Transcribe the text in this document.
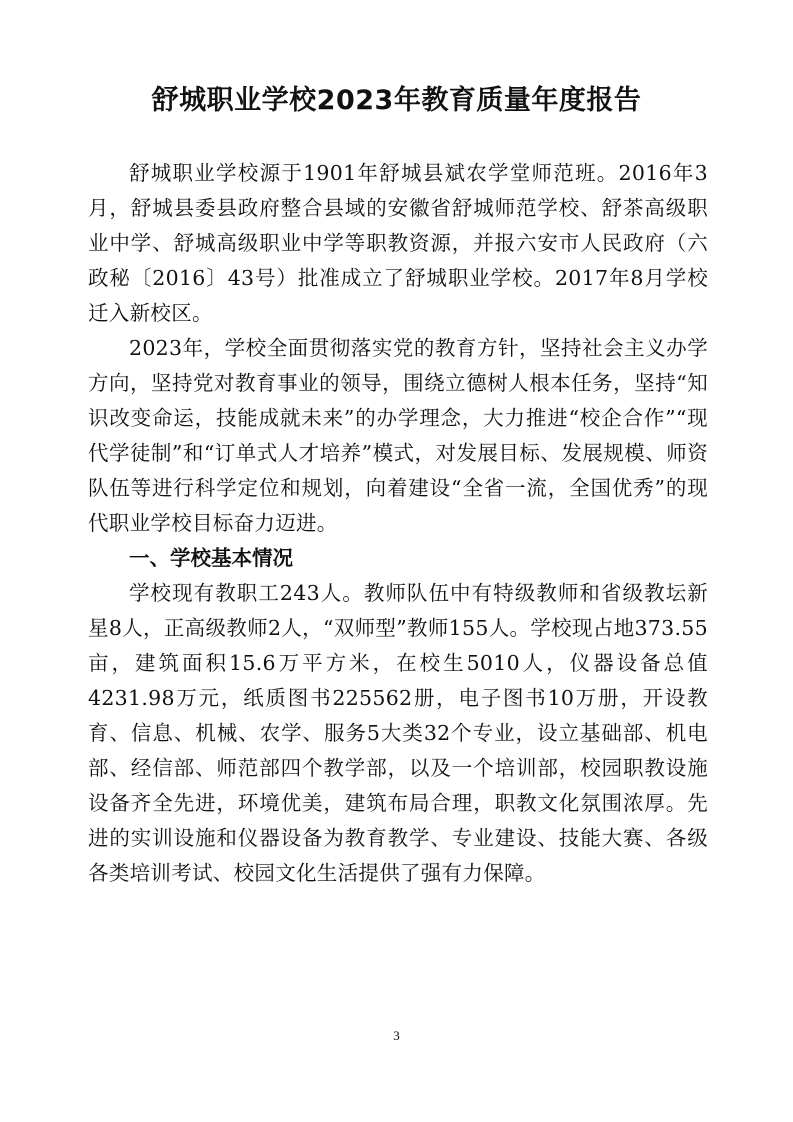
舒城职业学校2023年教育质量年度报告

舒城职业学校源于1901年舒城县斌农学堂师范班。2016年3月，舒城县委县政府整合县域的安徽省舒城师范学校、舒茶高级职业中学、舒城高级职业中学等职教资源，并报六安市人民政府（六政秘〔2016〕43号）批准成立了舒城职业学校。2017年8月学校迁入新校区。

2023年，学校全面贯彻落实党的教育方针，坚持社会主义办学方向，坚持党对教育事业的领导，围绕立德树人根本任务，坚持“知识改变命运，技能成就未来”的办学理念，大力推进“校企合作”“现代学徒制”和“订单式人才培养”模式，对发展目标、发展规模、师资队伍等进行科学定位和规划，向着建设“全省一流，全国优秀”的现代职业学校目标奋力迈进。

一、学校基本情况

学校现有教职工243人。教师队伍中有特级教师和省级教坛新星8人，正高级教师2人，“双师型”教师155人。学校现占地373.55亩，建筑面积15.6万平方米，在校生5010人，仪器设备总值4231.98万元，纸质图书225562册，电子图书10万册，开设教育、信息、机械、农学、服务5大类32个专业，设立基础部、机电部、经信部、师范部四个教学部，以及一个培训部，校园职教设施设备齐全先进，环境优美，建筑布局合理，职教文化氛围浓厚。先进的实训设施和仪器设备为教育教学、专业建设、技能大赛、各级各类培训考试、校园文化生活提供了强有力保障。

3
